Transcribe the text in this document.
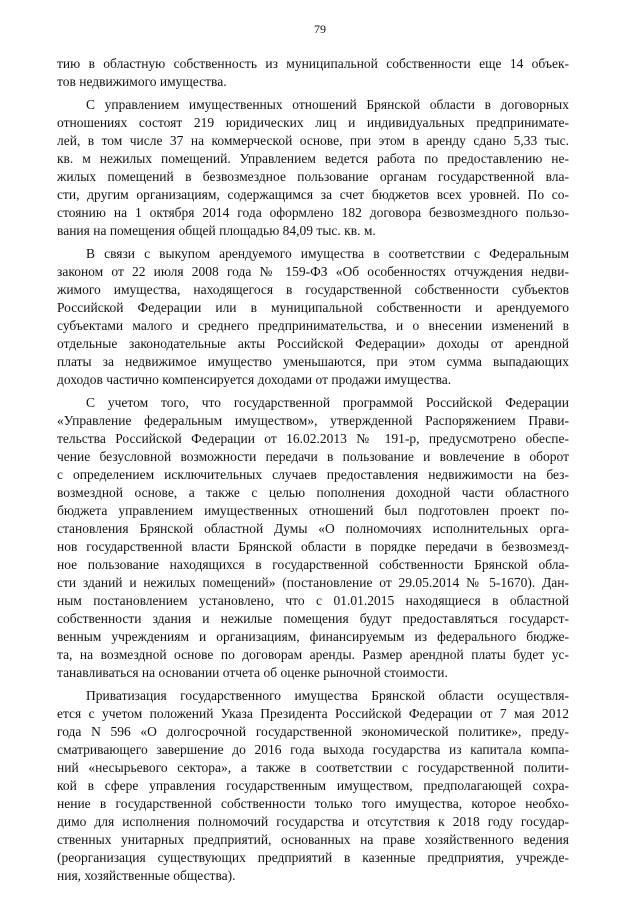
79
тию в областную собственность из муниципальной собственности еще 14 объек-
тов недвижимого имущества.
С управлением имущественных отношений Брянской области в договорных
отношениях состоят 219 юридических лиц и индивидуальных предпринимате-
лей, в том числе 37 на коммерческой основе, при этом в аренду сдано 5,33 тыс.
кв. м нежилых помещений. Управлением ведется работа по предоставлению не-
жилых помещений в безвозмездное пользование органам государственной вла-
сти, другим организациям, содержащимся за счет бюджетов всех уровней. По со-
стоянию на 1 октября 2014 года оформлено 182 договора безвозмездного пользо-
вания на помещения общей площадью 84,09 тыс. кв. м.
В связи с выкупом арендуемого имущества в соответствии с Федеральным
законом от 22 июля 2008 года № 159-ФЗ «Об особенностях отчуждения недви-
жимого имущества, находящегося в государственной собственности субъектов
Российской Федерации или в муниципальной собственности и арендуемого
субъектами малого и среднего предпринимательства, и о внесении изменений в
отдельные законодательные акты Российской Федерации» доходы от арендной
платы за недвижимое имущество уменьшаются, при этом сумма выпадающих
доходов частично компенсируется доходами от продажи имущества.
С учетом того, что государственной программой Российской Федерации
«Управление федеральным имуществом», утвержденной Распоряжением Прави-
тельства Российской Федерации от 16.02.2013 № 191-р, предусмотрено обеспе-
чение безусловной возможности передачи в пользование и вовлечение в оборот
с определением исключительных случаев предоставления недвижимости на без-
возмездной основе, а также с целью пополнения доходной части областного
бюджета управлением имущественных отношений был подготовлен проект по-
становления Брянской областной Думы «О полномочиях исполнительных орга-
нов государственной власти Брянской области в порядке передачи в безвозмезд-
ное пользование находящихся в государственной собственности Брянской обла-
сти зданий и нежилых помещений» (постановление от 29.05.2014 № 5-1670). Дан-
ным постановлением установлено, что с 01.01.2015 находящиеся в областной
собственности здания и нежилые помещения будут предоставляться государст-
венным учреждениям и организациям, финансируемым из федерального бюдже-
та, на возмездной основе по договорам аренды. Размер арендной платы будет ус-
танавливаться на основании отчета об оценке рыночной стоимости.
Приватизация государственного имущества Брянской области осуществля-
ется с учетом положений Указа Президента Российской Федерации от 7 мая 2012
года N 596 «О долгосрочной государственной экономической политике», преду-
сматривающего завершение до 2016 года выхода государства из капитала компа-
ний «несырьевого сектора», а также в соответствии с государственной полити-
кой в сфере управления государственным имуществом, предполагающей сохра-
нение в государственной собственности только того имущества, которое необхо-
димо для исполнения полномочий государства и отсутствия к 2018 году государ-
ственных унитарных предприятий, основанных на праве хозяйственного ведения
(реорганизация существующих предприятий в казенные предприятия, учрежде-
ния, хозяйственные общества).
